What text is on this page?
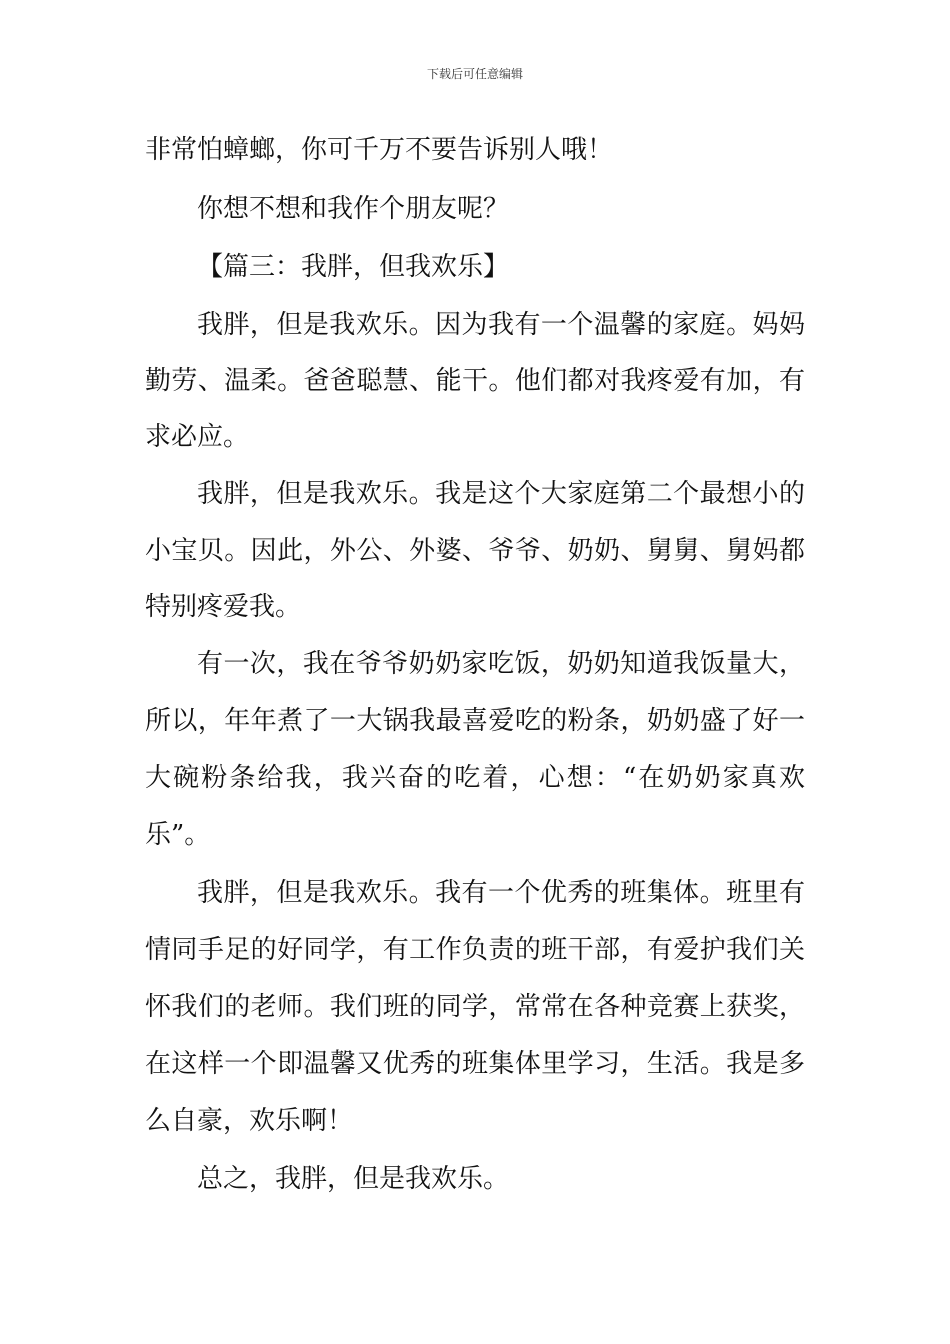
下载后可任意编辑
非常怕蟑螂，你可千万不要告诉别人哦！
你想不想和我作个朋友呢？
【篇三：我胖，但我欢乐】
我胖，但是我欢乐。因为我有一个温馨的家庭。妈妈
勤劳、温柔。爸爸聪慧、能干。他们都对我疼爱有加，有
求必应。
我胖，但是我欢乐。我是这个大家庭第二个最想小的
小宝贝。因此，外公、外婆、爷爷、奶奶、舅舅、舅妈都
特别疼爱我。
有一次，我在爷爷奶奶家吃饭，奶奶知道我饭量大，
所以，年年煮了一大锅我最喜爱吃的粉条，奶奶盛了好一
大碗粉条给我，我兴奋的吃着，心想：“在奶奶家真欢
乐”。
我胖，但是我欢乐。我有一个优秀的班集体。班里有
情同手足的好同学，有工作负责的班干部，有爱护我们关
怀我们的老师。我们班的同学，常常在各种竞赛上获奖，
在这样一个即温馨又优秀的班集体里学习，生活。我是多
么自豪，欢乐啊！
总之，我胖，但是我欢乐。
